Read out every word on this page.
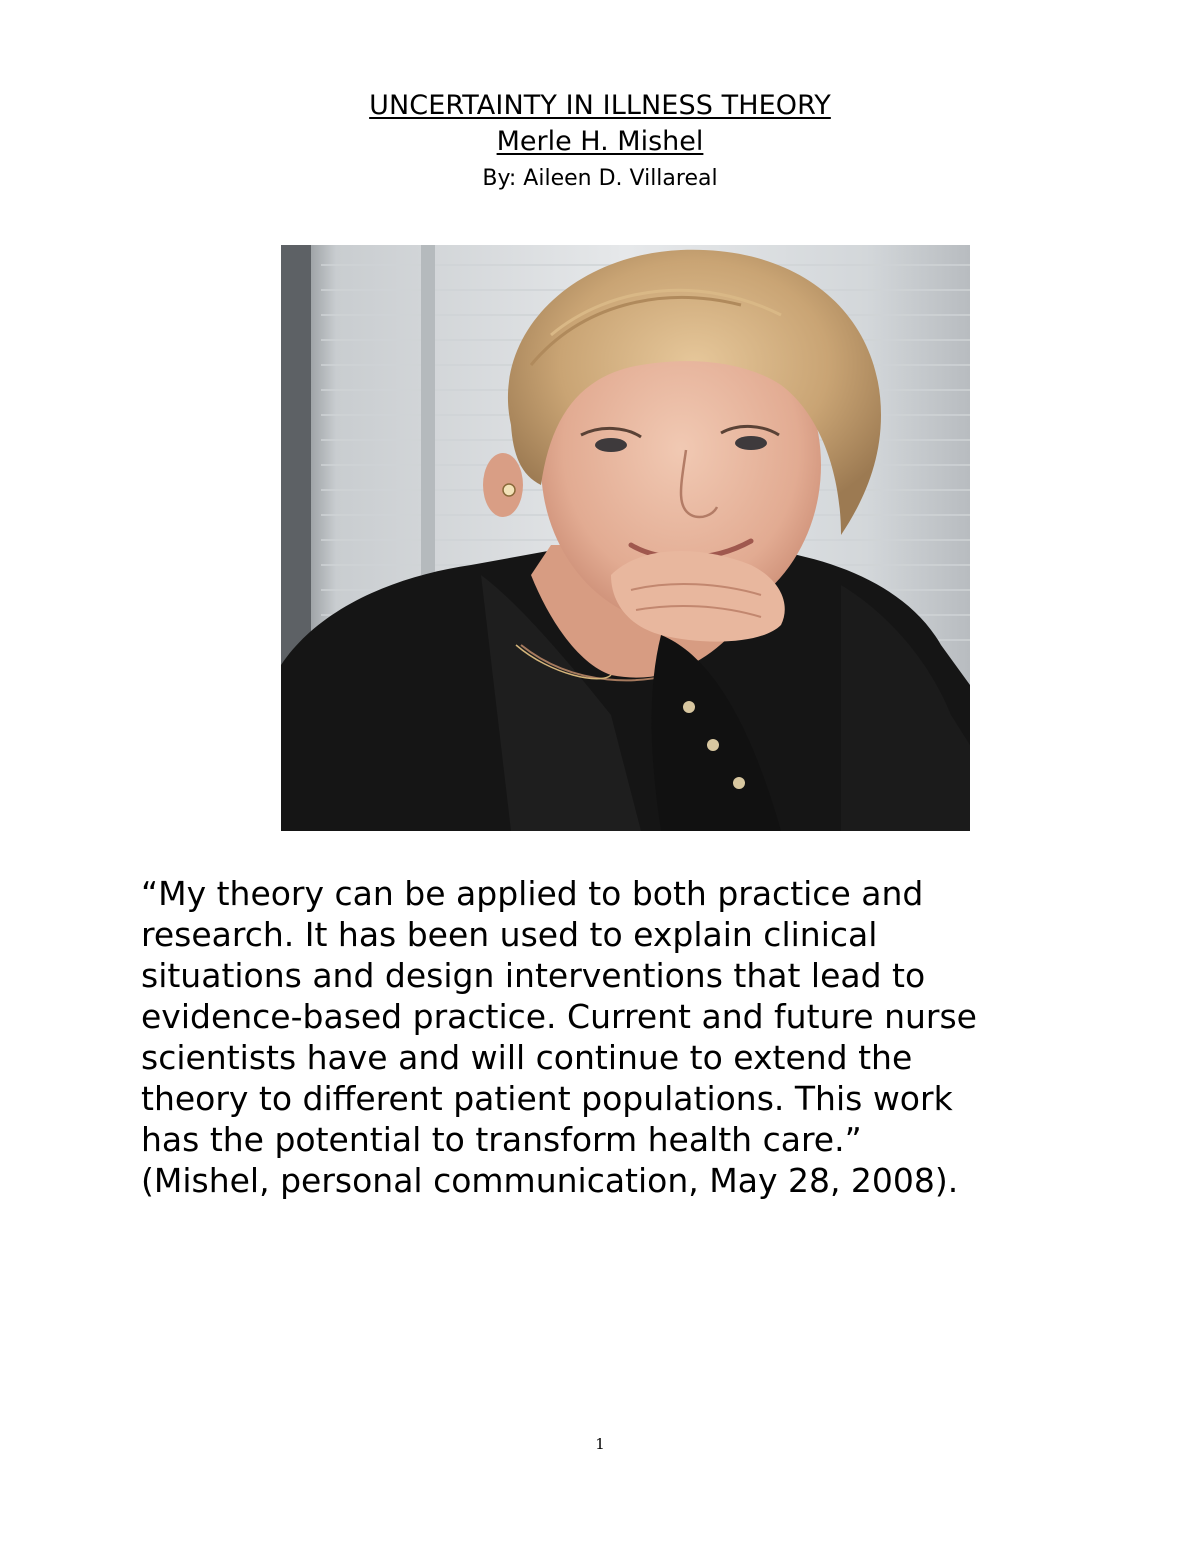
UNCERTAINTY IN ILLNESS THEORY
Merle H. Mishel
By: Aileen D. Villareal

“My theory can be applied to both practice and
research. It has been used to explain clinical
situations and design interventions that lead to
evidence-based practice. Current and future nurse
scientists have and will continue to extend the
theory to different patient populations. This work
has the potential to transform health care.”
(Mishel, personal communication, May 28, 2008).

1
